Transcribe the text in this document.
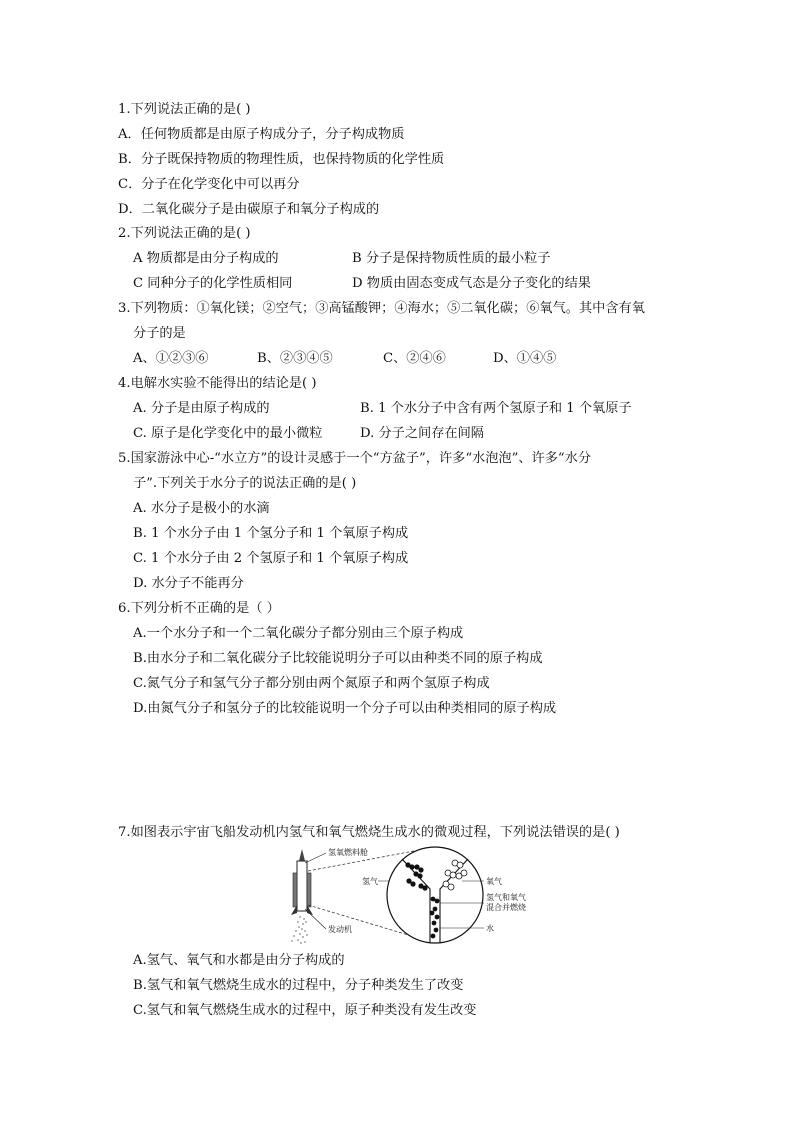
1.下列说法正确的是( )
A．任何物质都是由原子构成分子，分子构成物质
B．分子既保持物质的物理性质，也保持物质的化学性质
C．分子在化学变化中可以再分
D．二氧化碳分子是由碳原子和氧分子构成的
2.下列说法正确的是( )
A 物质都是由分子构成的	B 分子是保持物质性质的最小粒子
C 同种分子的化学性质相同	D 物质由固态变成气态是分子变化的结果
3.下列物质：①氧化镁；②空气；③高锰酸钾；④海水；⑤二氧化碳；⑥氧气。其中含有氧
分子的是
A、①②③⑥	B、②③④⑤	C、②④⑥	D、①④⑤
4.电解水实验不能得出的结论是( )
A. 分子是由原子构成的	B. 1 个水分子中含有两个氢原子和 1 个氧原子
C. 原子是化学变化中的最小微粒	D. 分子之间存在间隔
5.国家游泳中心-“水立方”的设计灵感于一个“方盆子”，许多“水泡泡”、许多“水分
子”.下列关于水分子的说法正确的是( )
A. 水分子是极小的水滴
B. 1 个水分子由 1 个氢分子和 1 个氧原子构成
C. 1 个水分子由 2 个氢原子和 1 个氧原子构成
D. 水分子不能再分
6.下列分析不正确的是（ ）
A.一个水分子和一个二氧化碳分子都分别由三个原子构成
B.由水分子和二氧化碳分子比较能说明分子可以由种类不同的原子构成
C.氮气分子和氢气分子都分别由两个氮原子和两个氢原子构成
D.由氮气分子和氢分子的比较能说明一个分子可以由种类相同的原子构成
7.如图表示宇宙飞船发动机内氢气和氧气燃烧生成水的微观过程，下列说法错误的是( )
氢氧燃料舱
氢气	氧气
氢气和氧气
混合并燃烧
发动机	水
A.氢气、氧气和水都是由分子构成的
B.氢气和氧气燃烧生成水的过程中，分子种类发生了改变
C.氢气和氧气燃烧生成水的过程中，原子种类没有发生改变
